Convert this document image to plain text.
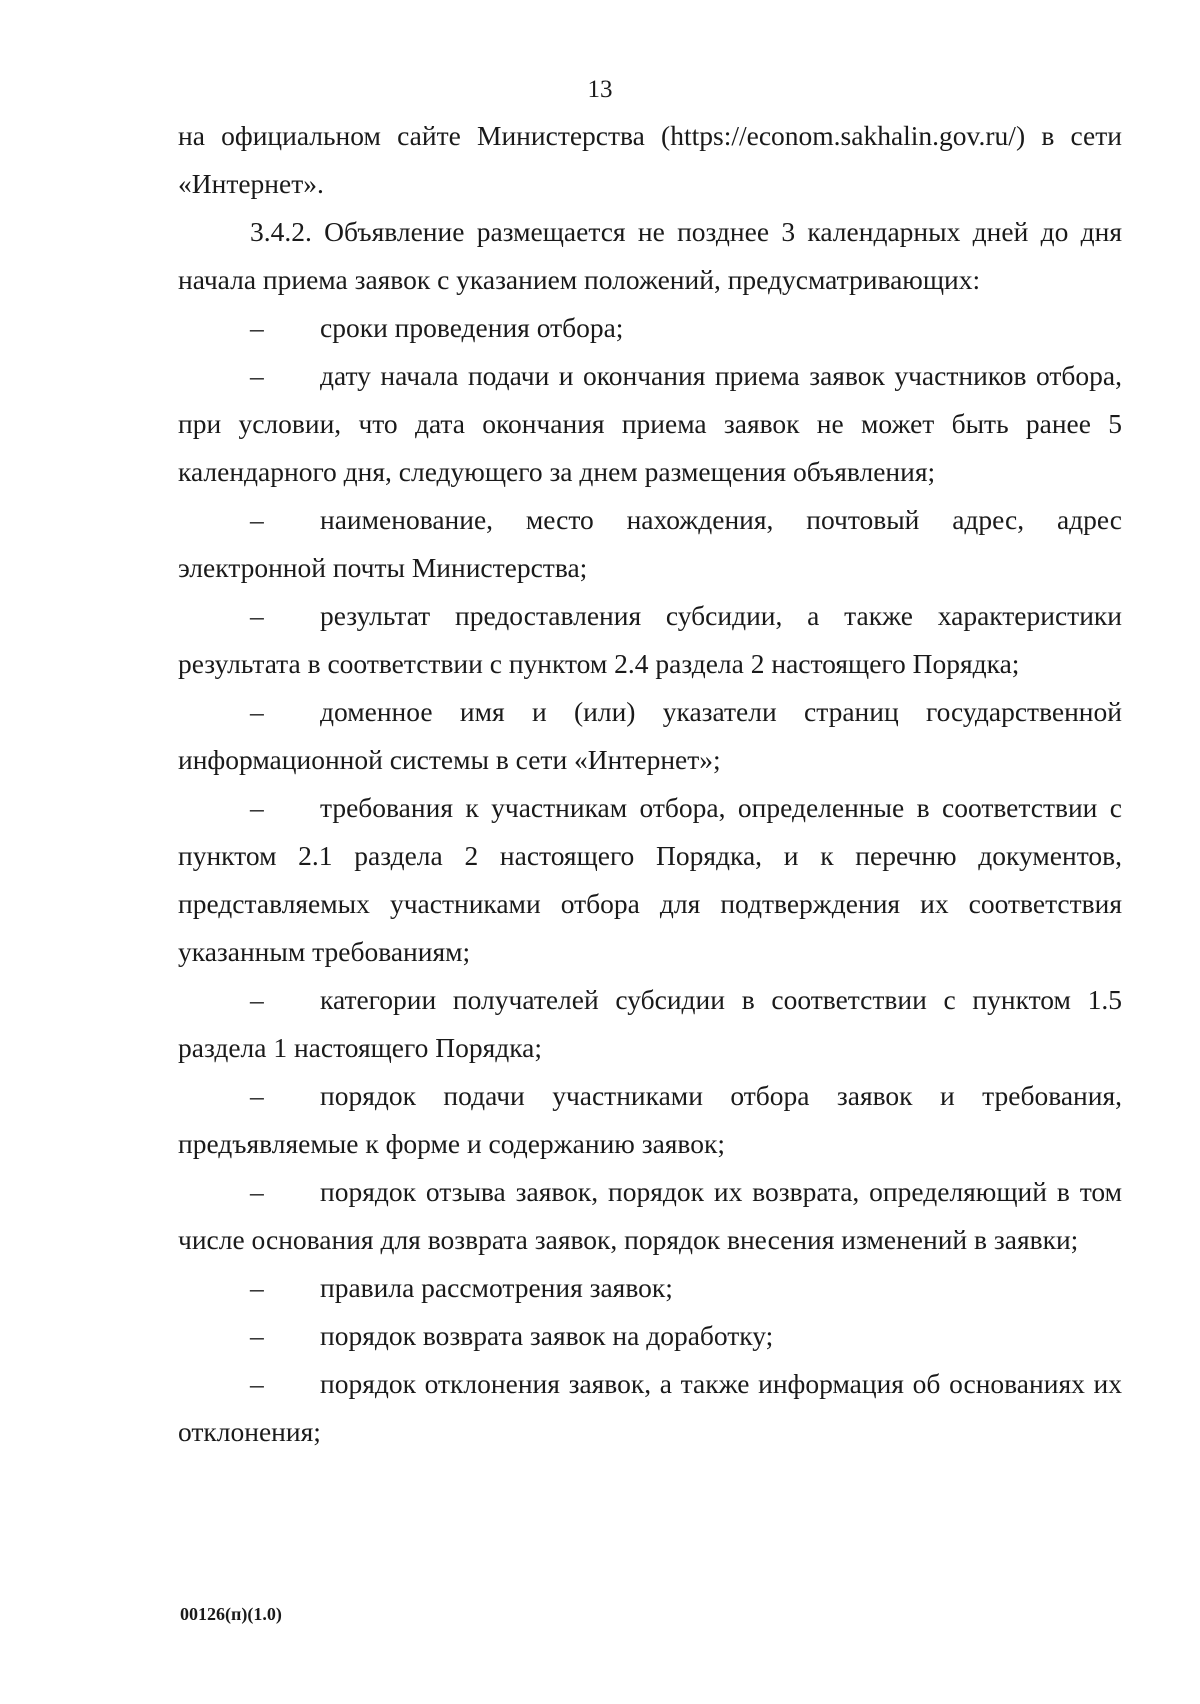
13

на официальном сайте Министерства (https://econom.sakhalin.gov.ru/) в сети «Интернет».

3.4.2. Объявление размещается не позднее 3 календарных дней до дня начала приема заявок с указанием положений, предусматривающих:

– сроки проведения отбора;

– дату начала подачи и окончания приема заявок участников отбора, при условии, что дата окончания приема заявок не может быть ранее 5 календарного дня, следующего за днем размещения объявления;

– наименование, место нахождения, почтовый адрес, адрес электронной почты Министерства;

– результат предоставления субсидии, а также характеристики результата в соответствии с пунктом 2.4 раздела 2 настоящего Порядка;

– доменное имя и (или) указатели страниц государственной информационной системы в сети «Интернет»;

– требования к участникам отбора, определенные в соответствии с пунктом 2.1 раздела 2 настоящего Порядка, и к перечню документов, представляемых участниками отбора для подтверждения их соответствия указанным требованиям;

– категории получателей субсидии в соответствии с пунктом 1.5 раздела 1 настоящего Порядка;

– порядок подачи участниками отбора заявок и требования, предъявляемые к форме и содержанию заявок;

– порядок отзыва заявок, порядок их возврата, определяющий в том числе основания для возврата заявок, порядок внесения изменений в заявки;

– правила рассмотрения заявок;

– порядок возврата заявок на доработку;

– порядок отклонения заявок, а также информация об основаниях их отклонения;

00126(п)(1.0)
